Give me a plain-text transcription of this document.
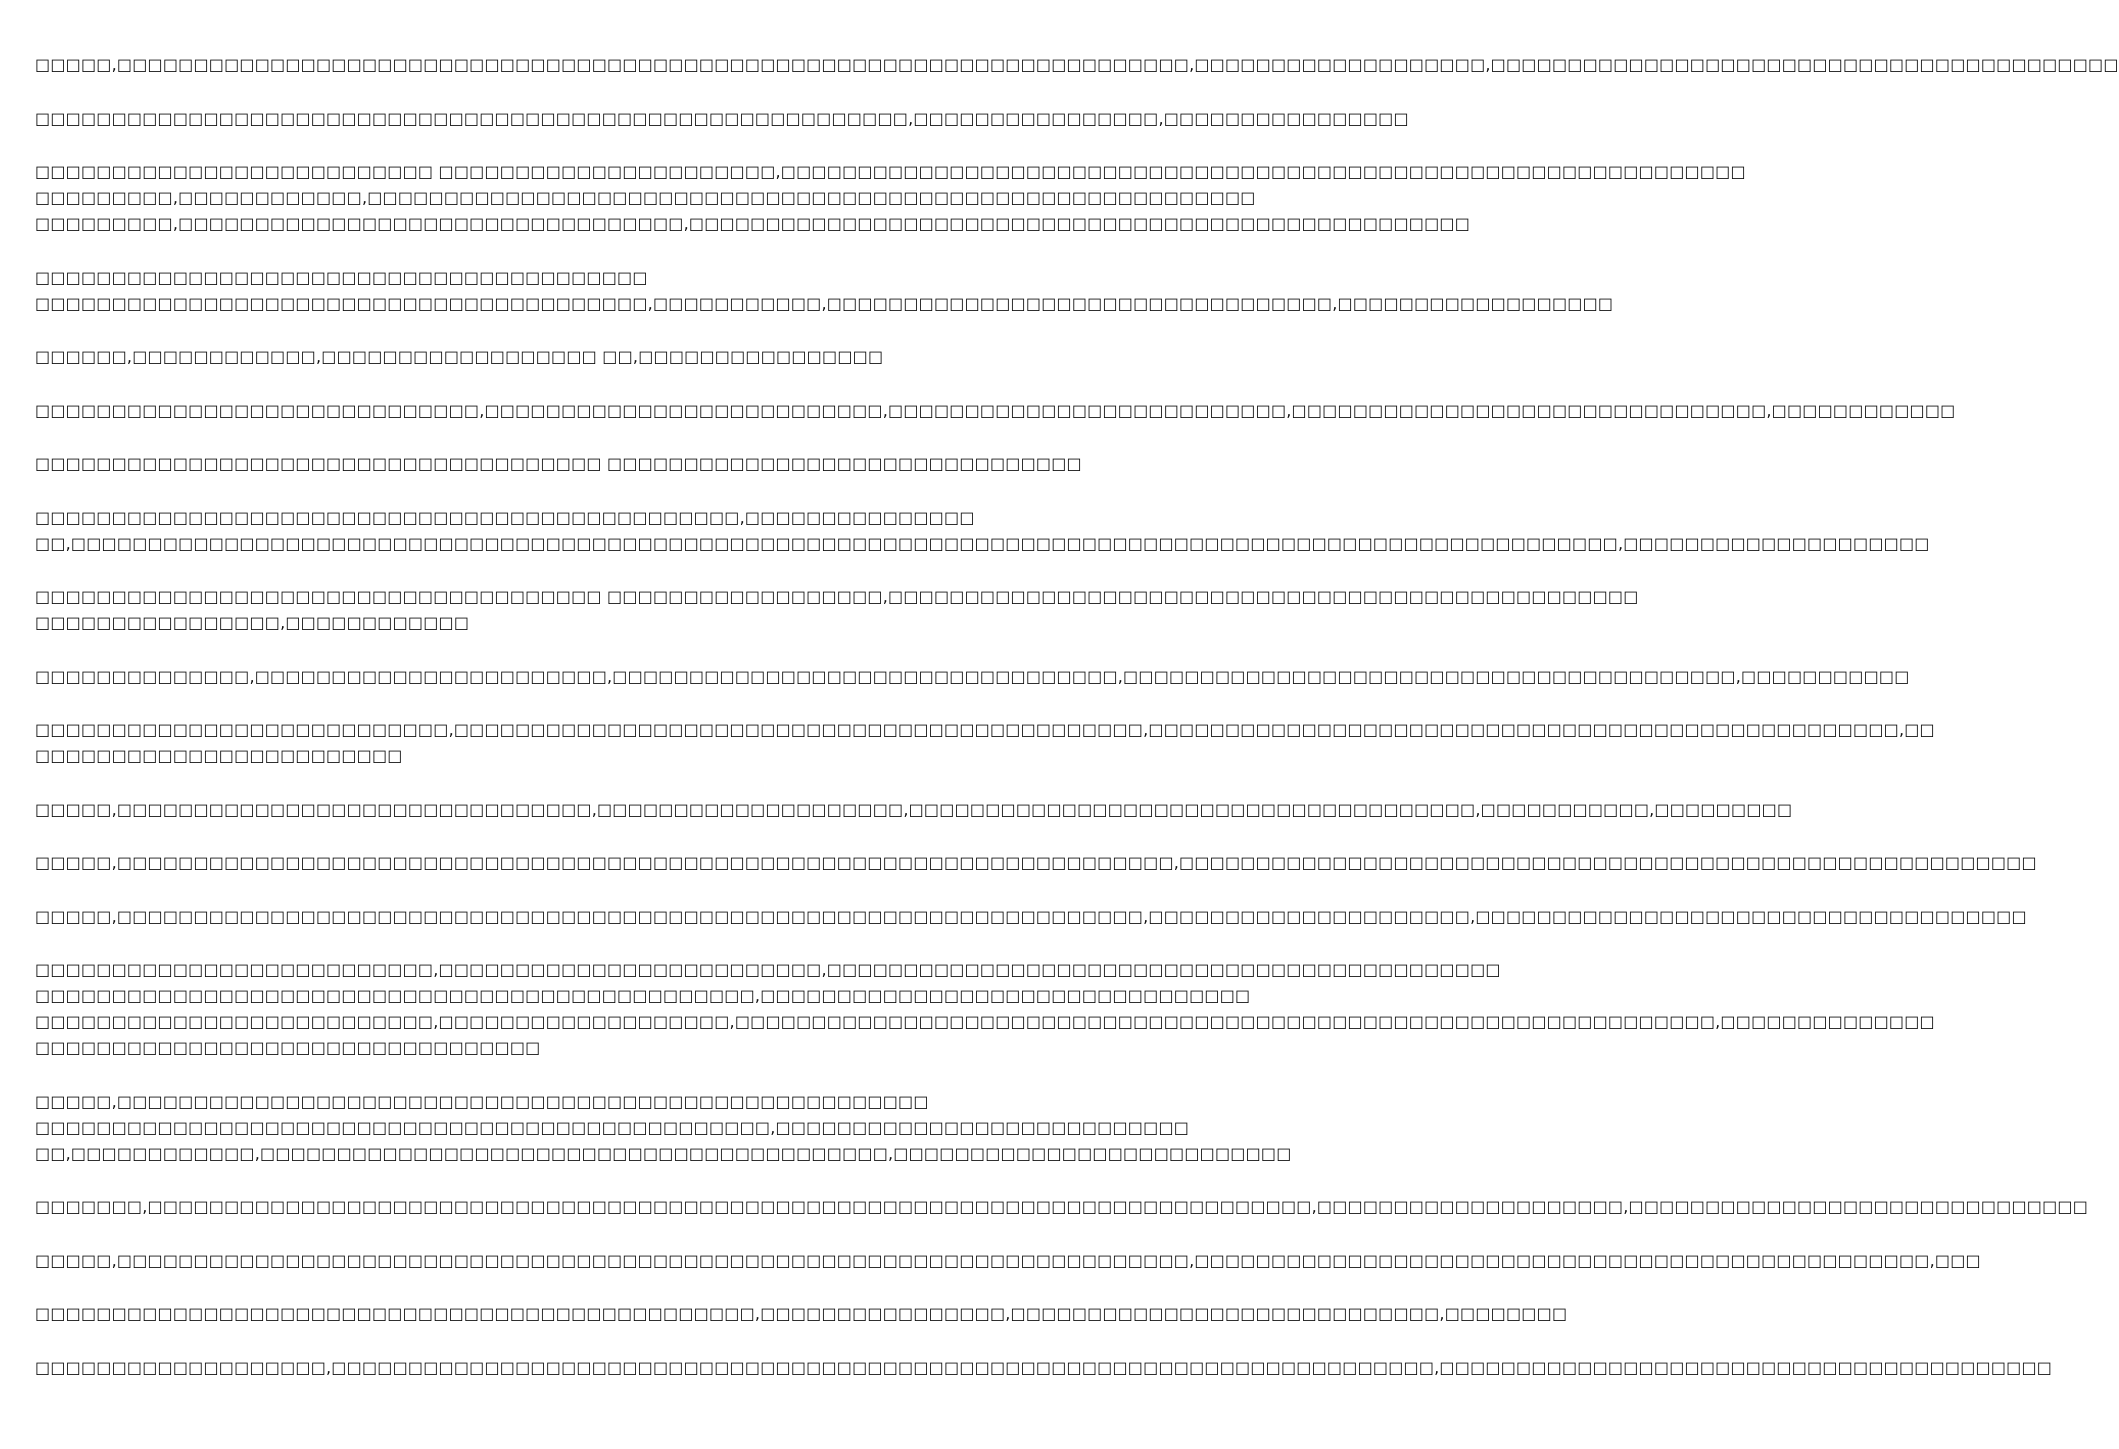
□□□□□,□□□□□□□□□□□□□□□□□□□□□□□□□□□□□□□□□□□□□□□□□□□□□□□□□□□□□□□□□□□□□□□□□□□□□□,□□□□□□□□□□□□□□□□□□□,□□□□□□□□□□□□□□□□□□□□□□□□□□□□□□□□□□□□□□□□□
□□□□□□□□□□□□□□□□□□□□□□□□□□□□□□□□□□□□□□□□□□□□□□□□□□□□□□□□□,□□□□□□□□□□□□□□□□,□□□□□□□□□□□□□□□□
□□□□□□□□□□□□□□□□□□□□□□□□□□ □□□□□□□□□□□□□□□□□□□□□□,□□□□□□□□□□□□□□□□□□□□□□□□□□□□□□□□□□□□□□□□□□□□□□□□□□□□□□□□□□□□□□□
□□□□□□□□□,□□□□□□□□□□□□,□□□□□□□□□□□□□□□□□□□□□□□□□□□□□□□□□□□□□□□□□□□□□□□□□□□□□□□□□□
□□□□□□□□□,□□□□□□□□□□□□□□□□□□□□□□□□□□□□□□□□□,□□□□□□□□□□□□□□□□□□□□□□□□□□□□□□□□□□□□□□□□□□□□□□□□□□□
□□□□□□□□□□□□□□□□□□□□□□□□□□□□□□□□□□□□□□□□
□□□□□□□□□□□□□□□□□□□□□□□□□□□□□□□□□□□□□□□□,□□□□□□□□□□□,□□□□□□□□□□□□□□□□□□□□□□□□□□□□□□□□□,□□□□□□□□□□□□□□□□□□
□□□□□□,□□□□□□□□□□□□,□□□□□□□□□□□□□□□□□□ □□,□□□□□□□□□□□□□□□□
□□□□□□□□□□□□□□□□□□□□□□□□□□□□□,□□□□□□□□□□□□□□□□□□□□□□□□□□,□□□□□□□□□□□□□□□□□□□□□□□□□□,□□□□□□□□□□□□□□□□□□□□□□□□□□□□□□□,□□□□□□□□□□□□
□□□□□□□□□□□□□□□□□□□□□□□□□□□□□□□□□□□□□ □□□□□□□□□□□□□□□□□□□□□□□□□□□□□□□
□□□□□□□□□□□□□□□□□□□□□□□□□□□□□□□□□□□□□□□□□□□□□□,□□□□□□□□□□□□□□□
□□,□□□□□□□□□□□□□□□□□□□□□□□□□□□□□□□□□□□□□□□□□□□□□□□□□□□□□□□□□□□□□□□□□□□□□□□□□□□□□□□□□□□□□□□□□□□□□□□□□□□□□,□□□□□□□□□□□□□□□□□□□□
□□□□□□□□□□□□□□□□□□□□□□□□□□□□□□□□□□□□□ □□□□□□□□□□□□□□□□□□,□□□□□□□□□□□□□□□□□□□□□□□□□□□□□□□□□□□□□□□□□□□□□□□□□
□□□□□□□□□□□□□□□□,□□□□□□□□□□□□
□□□□□□□□□□□□□□,□□□□□□□□□□□□□□□□□□□□□□□,□□□□□□□□□□□□□□□□□□□□□□□□□□□□□□□□□,□□□□□□□□□□□□□□□□□□□□□□□□□□□□□□□□□□□□□□□□,□□□□□□□□□□□
□□□□□□□□□□□□□□□□□□□□□□□□□□□,□□□□□□□□□□□□□□□□□□□□□□□□□□□□□□□□□□□□□□□□□□□□□,□□□□□□□□□□□□□□□□□□□□□□□□□□□□□□□□□□□□□□□□□□□□□□□□□,□□
□□□□□□□□□□□□□□□□□□□□□□□□
□□□□□,□□□□□□□□□□□□□□□□□□□□□□□□□□□□□□□,□□□□□□□□□□□□□□□□□□□□,□□□□□□□□□□□□□□□□□□□□□□□□□□□□□□□□□□□□□,□□□□□□□□□□□,□□□□□□□□□
□□□□□,□□□□□□□□□□□□□□□□□□□□□□□□□□□□□□□□□□□□□□□□□□□□□□□□□□□□□□□□□□□□□□□□□□□□□,□□□□□□□□□□□□□□□□□□□□□□□□□□□□□□□□□□□□□□□□□□□□□□□□□□□□□□□□
□□□□□,□□□□□□□□□□□□□□□□□□□□□□□□□□□□□□□□□□□□□□□□□□□□□□□□□□□□□□□□□□□□□□□□□□□,□□□□□□□□□□□□□□□□□□□□□,□□□□□□□□□□□□□□□□□□□□□□□□□□□□□□□□□□□□
□□□□□□□□□□□□□□□□□□□□□□□□□□,□□□□□□□□□□□□□□□□□□□□□□□□□,□□□□□□□□□□□□□□□□□□□□□□□□□□□□□□□□□□□□□□□□□□□□
□□□□□□□□□□□□□□□□□□□□□□□□□□□□□□□□□□□□□□□□□□□□□□□,□□□□□□□□□□□□□□□□□□□□□□□□□□□□□□□□
□□□□□□□□□□□□□□□□□□□□□□□□□□,□□□□□□□□□□□□□□□□□□□,□□□□□□□□□□□□□□□□□□□□□□□□□□□□□□□□□□□□□□□□□□□□□□□□□□□□□□□□□□□□□□□□,□□□□□□□□□□□□□□
□□□□□□□□□□□□□□□□□□□□□□□□□□□□□□□□□
□□□□□,□□□□□□□□□□□□□□□□□□□□□□□□□□□□□□□□□□□□□□□□□□□□□□□□□□□□□
□□□□□□□□□□□□□□□□□□□□□□□□□□□□□□□□□□□□□□□□□□□□□□□□,□□□□□□□□□□□□□□□□□□□□□□□□□□□
□□,□□□□□□□□□□□□,□□□□□□□□□□□□□□□□□□□□□□□□□□□□□□□□□□□□□□□□□,□□□□□□□□□□□□□□□□□□□□□□□□□□
□□□□□□□,□□□□□□□□□□□□□□□□□□□□□□□□□□□□□□□□□□□□□□□□□□□□□□□□□□□□□□□□□□□□□□□□□□□□□□□□□□□□,□□□□□□□□□□□□□□□□□□□□,□□□□□□□□□□□□□□□□□□□□□□□□□□□□□□
□□□□□,□□□□□□□□□□□□□□□□□□□□□□□□□□□□□□□□□□□□□□□□□□□□□□□□□□□□□□□□□□□□□□□□□□□□□□,□□□□□□□□□□□□□□□□□□□□□□□□□□□□□□□□□□□□□□□□□□□□□□□□,□□□
□□□□□□□□□□□□□□□□□□□□□□□□□□□□□□□□□□□□□□□□□□□□□□□,□□□□□□□□□□□□□□□□,□□□□□□□□□□□□□□□□□□□□□□□□□□□□,□□□□□□□□
□□□□□□□□□□□□□□□□□□□,□□□□□□□□□□□□□□□□□□□□□□□□□□□□□□□□□□□□□□□□□□□□□□□□□□□□□□□□□□□□□□□□□□□□□□□□,□□□□□□□□□□□□□□□□□□□□□□□□□□□□□□□□□□□□□□□□
